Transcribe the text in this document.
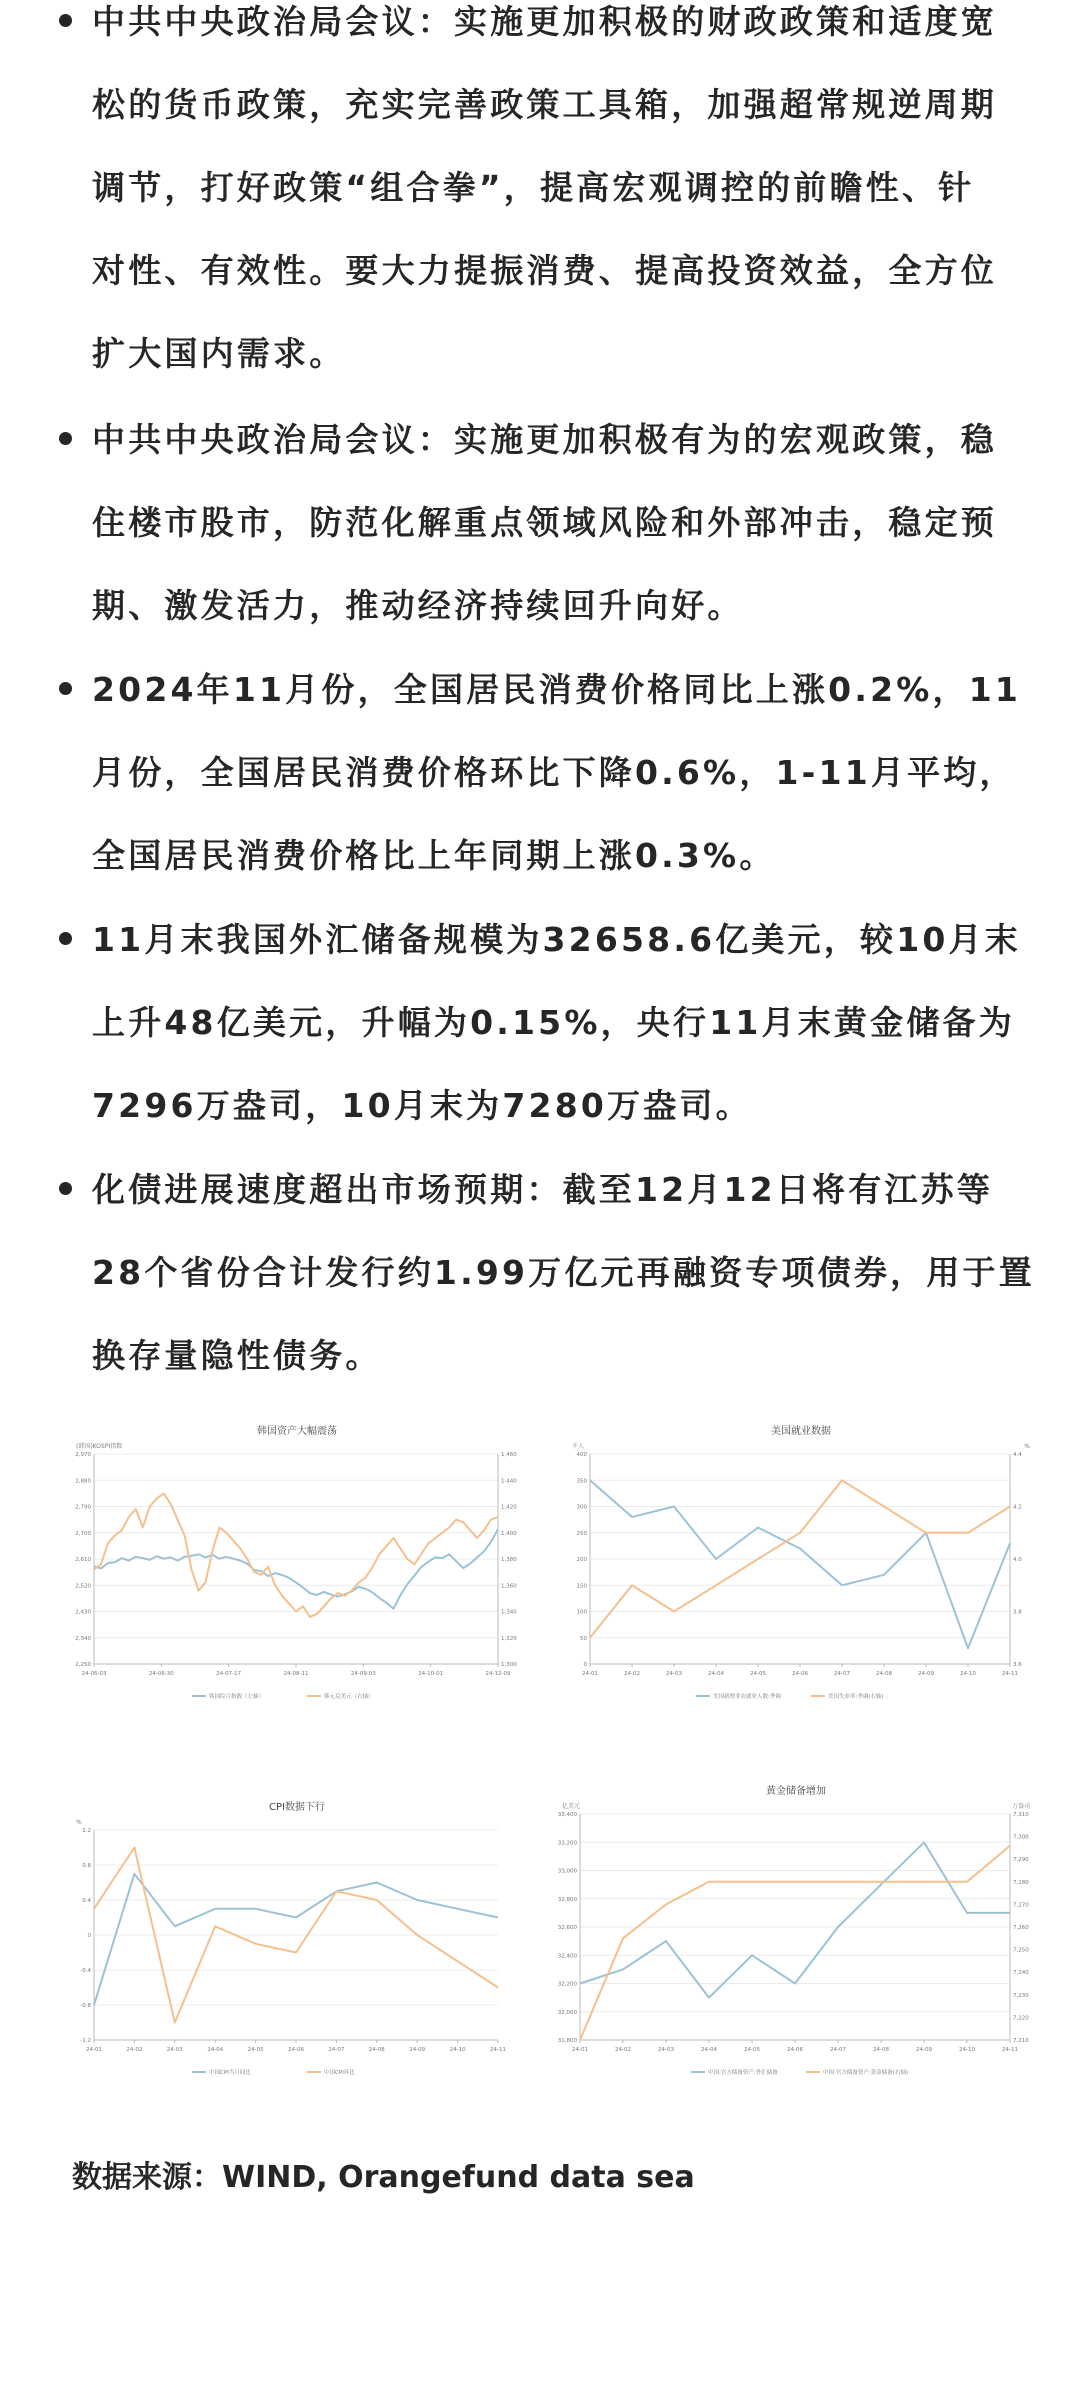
中共中央政治局会议：实施更加积极的财政政策和适度宽
松的货币政策，充实完善政策工具箱，加强超常规逆周期
调节，打好政策“组合拳”，提高宏观调控的前瞻性、针
对性、有效性。要大力提振消费、提高投资效益，全方位
扩大国内需求。
中共中央政治局会议：实施更加积极有为的宏观政策，稳
住楼市股市，防范化解重点领域风险和外部冲击，稳定预
期、激发活力，推动经济持续回升向好。
2024年11月份，全国居民消费价格同比上涨0.2%，11
月份，全国居民消费价格环比下降0.6%，1-11月平均，
全国居民消费价格比上年同期上涨0.3%。
11月末我国外汇储备规模为32658.6亿美元，较10月末
上升48亿美元，升幅为0.15%，央行11月末黄金储备为
7296万盎司，10月末为7280万盎司。
化债进展速度超出市场预期：截至12月12日将有江苏等
28个省份合计发行约1.99万亿元再融资专项债券，用于置
换存量隐性债务。
韩国资产大幅震荡
(韩国)KOSPI指数
2,970
2,880
2,790
2,700
2,610
2,520
2,430
2,340
2,250
1,460
1,440
1,420
1,400
1,380
1,360
1,340
1,320
1,300
24-06-03	24-06-30	24-07-17	24-08-11	24-09-03	24-10-01	24-12-09
韩国综合指数（左轴）	韩元兑美元（右轴）
美国就业数据
千人	%
400
350
300
250
200
150
100
50
0
4.4
4.2
4.0
3.8
3.6
24-01	24-02	24-03	24-04	24-05	24-06	24-07	24-08	24-09	24-10	24-11
美国新增非农就业人数:季调	美国失业率:季调(右轴)
CPI数据下行
%
1.2
0.8
0.4
0
-0.4
-0.8
-1.2
24-01	24-02	24-03	24-04	24-05	24-06	24-07	24-08	24-09	24-10	24-11
中国CPI当月同比	中国CPI环比
黄金储备增加
亿美元	万盎司
33,400
33,200
33,000
32,800
32,600
32,400
32,200
32,000
31,800
7,310
7,300
7,290
7,280
7,270
7,260
7,250
7,240
7,230
7,220
7,210
24-01	24-02	24-03	24-04	24-05	24-06	24-07	24-08	24-09	24-10	24-11
中国:官方储备资产:外汇储备	中国:官方储备资产:黄金储备(右轴)
数据来源：WIND, Orangefund data sea
